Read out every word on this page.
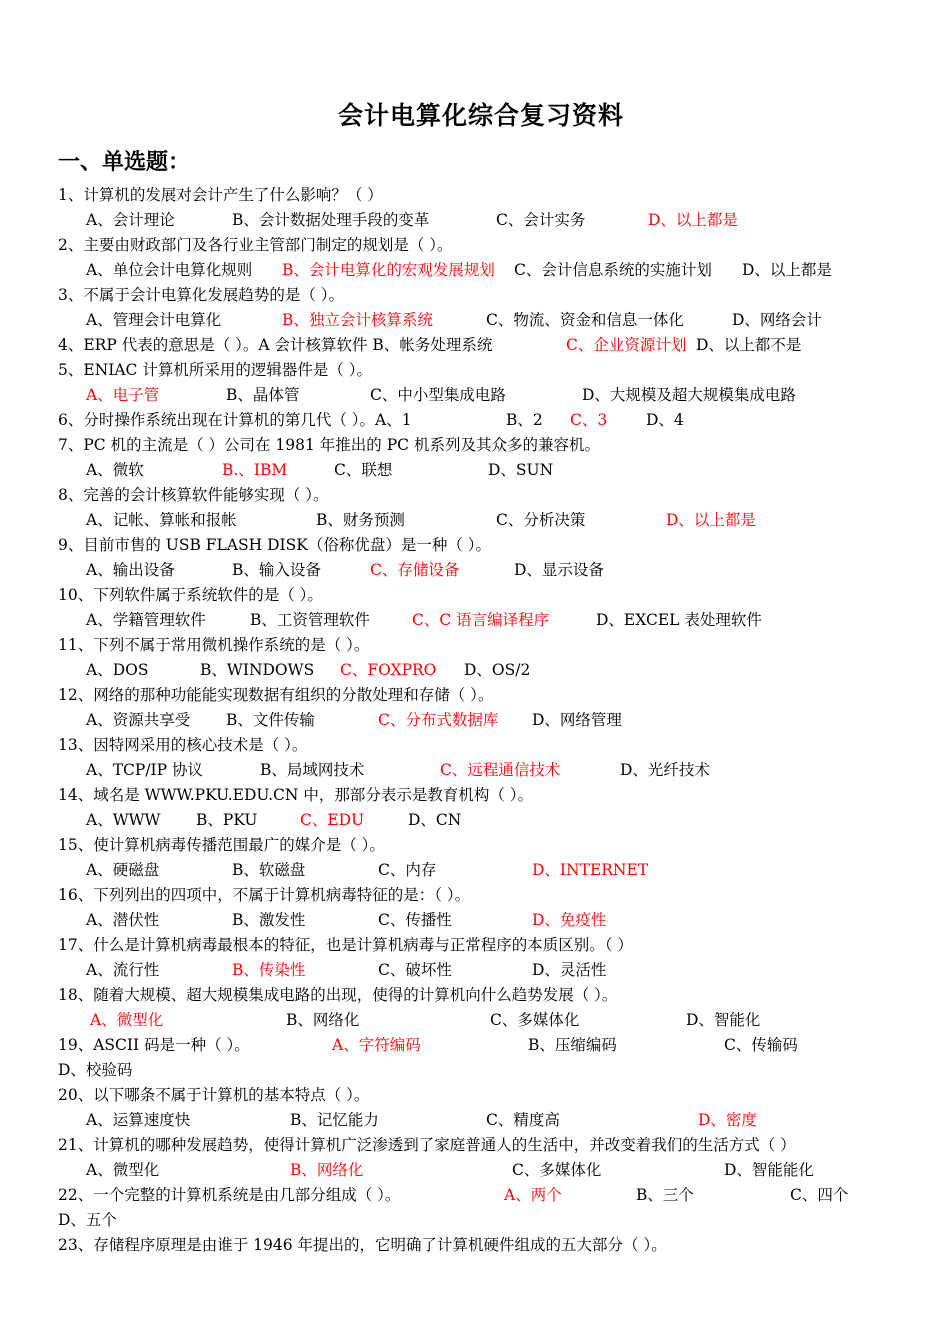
会计电算化综合复习资料
一、单选题：
1、计算机的发展对会计产生了什么影响？（ ）
A、会计理论	B、会计数据处理手段的变革	C、会计实务	D、以上都是
2、主要由财政部门及各行业主管部门制定的规划是（ ）。
A、单位会计电算化规则 B、会计电算化的宏观发展规划 C、会计信息系统的实施计划 D、以上都是
3、不属于会计电算化发展趋势的是（ ）。
A、管理会计电算化	B、独立会计核算系统	C、物流、资金和信息一体化	D、网络会计
4、ERP 代表的意思是（ ）。A 会计核算软件 B、帐务处理系统	C、企业资源计划 D、以上都不是
5、ENIAC 计算机所采用的逻辑器件是（ ）。
A、电子管	B、晶体管	C、中小型集成电路	D、大规模及超大规模集成电路
6、分时操作系统出现在计算机的第几代（ ）。A、1	B、2 C、3	D、4
7、PC 机的主流是（ ）公司在 1981 年推出的 PC 机系列及其众多的兼容机。
A、微软	B.、IBM	C、联想	D、SUN
8、完善的会计核算软件能够实现（ ）。
A、记帐、算帐和报帐	B、财务预测	C、分析决策	D、以上都是
9、目前市售的 USB FLASH DISK（俗称优盘）是一种（ ）。
A、输出设备	B、输入设备	C、存储设备	D、显示设备
10、下列软件属于系统软件的是（ ）。
A、学籍管理软件	B、工资管理软件	C、C 语言编译程序	D、EXCEL 表处理软件
11、下列不属于常用微机操作系统的是（ ）。
A、DOS	B、WINDOWS C、FOXPRO D、OS/2
12、网络的那种功能能实现数据有组织的分散处理和存储（ ）。
A、资源共享受 B、文件传输	C、分布式数据库 D、网络管理
13、因特网采用的核心技术是（ ）。
A、TCP/IP 协议	B、局域网技术	C、远程通信技术	D、光纤技术
14、域名是 WWW.PKU.EDU.CN 中，那部分表示是教育机构（ ）。
A、WWW B、PKU	C、EDU	D、CN
15、使计算机病毒传播范围最广的媒介是（ ）。
A、硬磁盘	B、软磁盘	C、内存	D、INTERNET
16、下列列出的四项中，不属于计算机病毒特征的是：（ ）。
A、潜伏性	B、激发性	C、传播性	D、免疫性
17、什么是计算机病毒最根本的特征，也是计算机病毒与正常程序的本质区别。（ ）
A、流行性	B、传染性	C、破坏性	D、灵活性
18、随着大规模、超大规模集成电路的出现，使得的计算机向什么趋势发展（ ）。
A、微型化	B、网络化	C、多媒体化	D、智能化
19、ASCII 码是一种（ ）。	A、字符编码	B、压缩编码	C、传输码
D、校验码
20、以下哪条不属于计算机的基本特点（ ）。
A、运算速度快	B、记忆能力	C、精度高	D、密度
21、计算机的哪种发展趋势，使得计算机广泛渗透到了家庭普通人的生活中，并改变着我们的生活方式（ ）
A、微型化	B、网络化	C、多媒体化	D、智能能化
22、一个完整的计算机系统是由几部分组成（ ）。	A、两个	B、三个	C、四个
D、五个
23、存储程序原理是由谁于 1946 年提出的，它明确了计算机硬件组成的五大部分（ ）。
